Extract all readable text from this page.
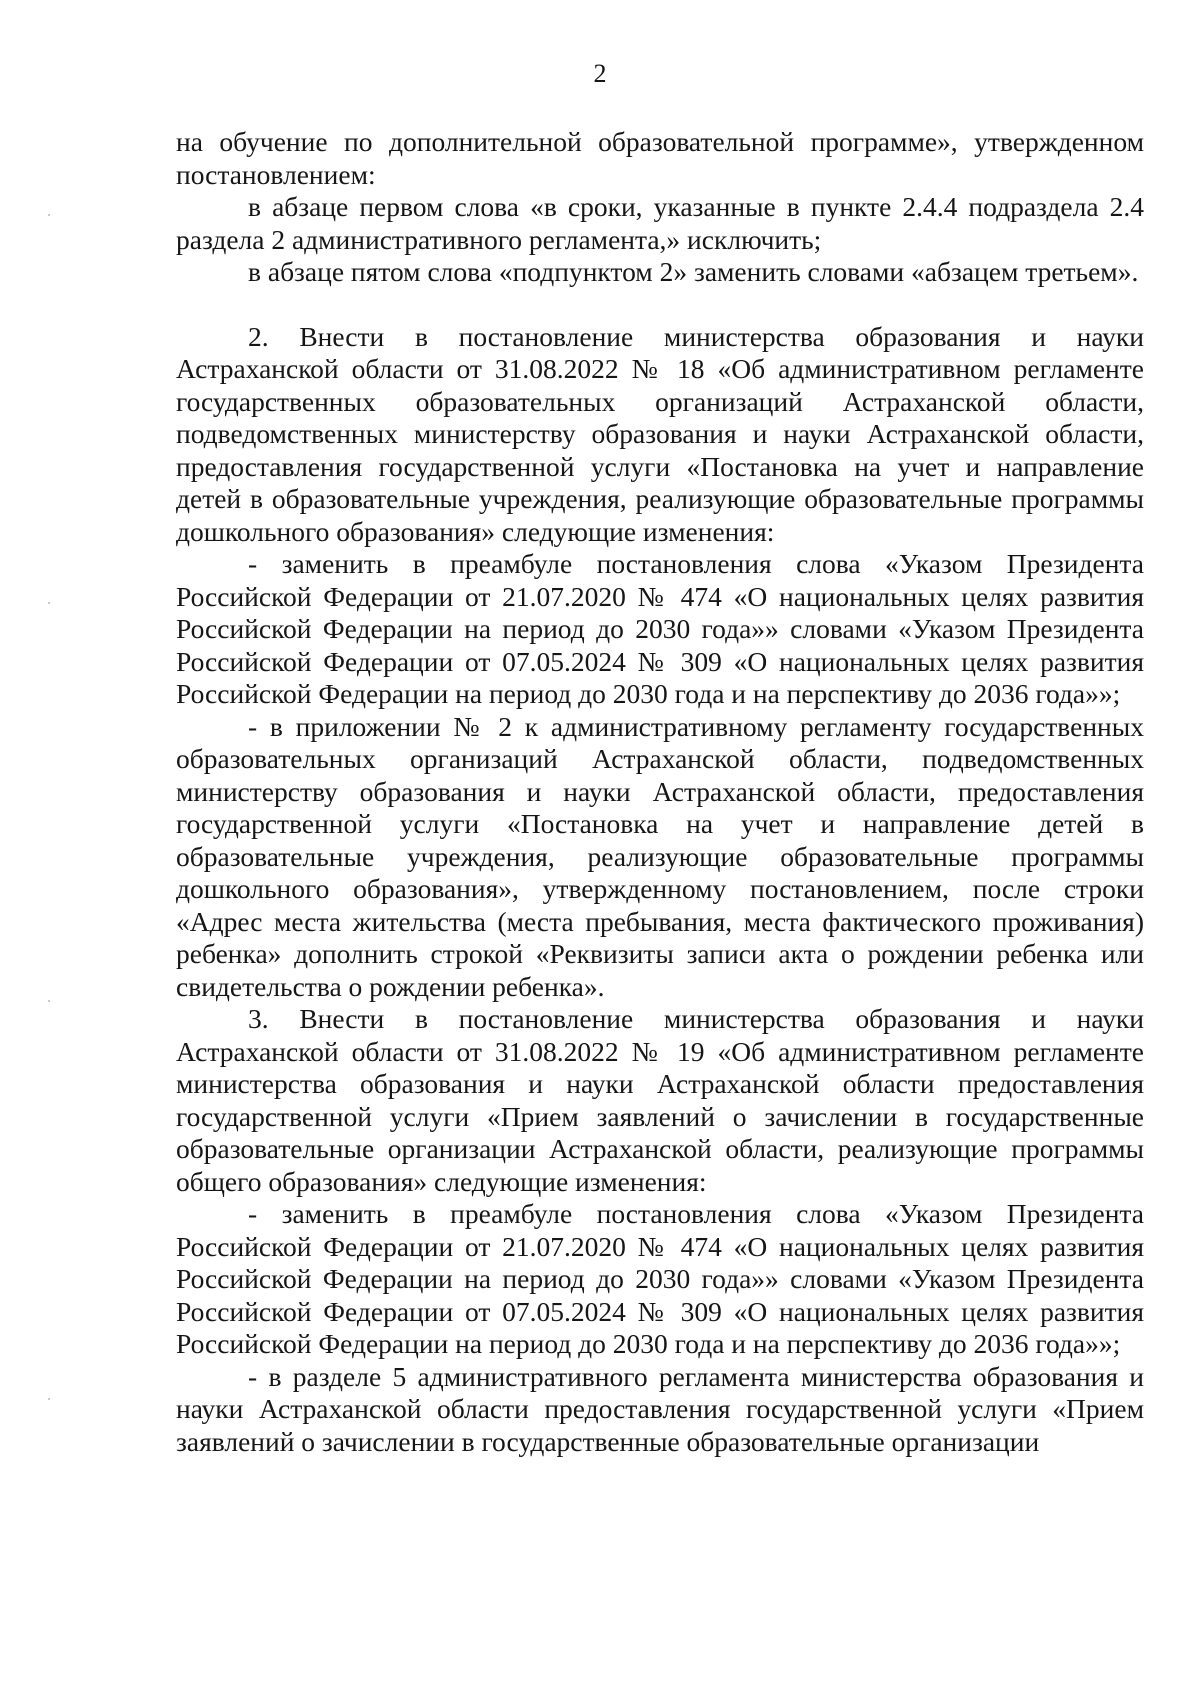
2

на обучение по дополнительной образовательной программе», утвержденном постановлением:

в абзаце первом слова «в сроки, указанные в пункте 2.4.4 подраздела 2.4 раздела 2 административного регламента,» исключить;

в абзаце пятом слова «подпунктом 2» заменить словами «абзацем третьем».

2. Внести в постановление министерства образования и науки Астраханской области от 31.08.2022 № 18 «Об административном регламенте государственных образовательных организаций Астраханской области, подведомственных министерству образования и науки Астраханской области, предоставления государственной услуги «Постановка на учет и направление детей в образовательные учреждения, реализующие образовательные программы дошкольного образования» следующие изменения:

- заменить в преамбуле постановления слова «Указом Президента Российской Федерации от 21.07.2020 № 474 «О национальных целях развития Российской Федерации на период до 2030 года»» словами «Указом Президента Российской Федерации от 07.05.2024 № 309 «О национальных целях развития Российской Федерации на период до 2030 года и на перспективу до 2036 года»»;

- в приложении № 2 к административному регламенту государственных образовательных организаций Астраханской области, подведомственных министерству образования и науки Астраханской области, предоставления государственной услуги «Постановка на учет и направление детей в образовательные учреждения, реализующие образовательные программы дошкольного образования», утвержденному постановлением, после строки «Адрес места жительства (места пребывания, места фактического проживания) ребенка» дополнить строкой «Реквизиты записи акта о рождении ребенка или свидетельства о рождении ребенка».

3. Внести в постановление министерства образования и науки Астраханской области от 31.08.2022 № 19 «Об административном регламенте министерства образования и науки Астраханской области предоставления государственной услуги «Прием заявлений о зачислении в государственные образовательные организации Астраханской области, реализующие программы общего образования» следующие изменения:

- заменить в преамбуле постановления слова «Указом Президента Российской Федерации от 21.07.2020 № 474 «О национальных целях развития Российской Федерации на период до 2030 года»» словами «Указом Президента Российской Федерации от 07.05.2024 № 309 «О национальных целях развития Российской Федерации на период до 2030 года и на перспективу до 2036 года»»;

- в разделе 5 административного регламента министерства образования и науки Астраханской области предоставления государственной услуги «Прием заявлений о зачислении в государственные образовательные организации
